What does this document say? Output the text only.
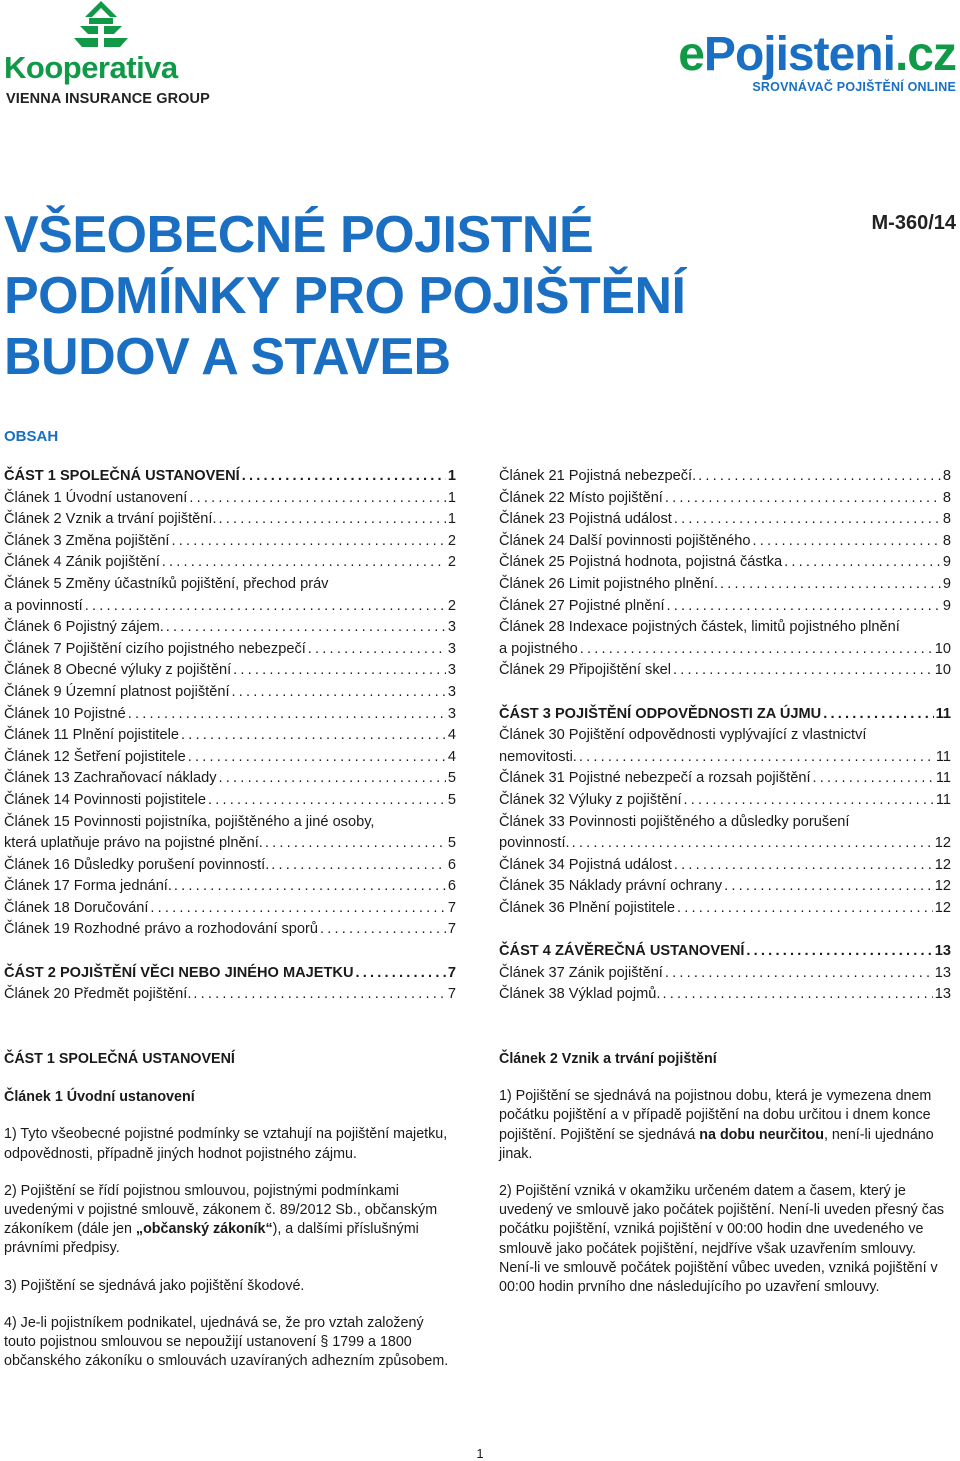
Kooperativa
VIENNA INSURANCE GROUP
ePojisteni.cz
SROVNÁVAČ POJIŠTĚNÍ ONLINE
VŠEOBECNÉ POJISTNÉ
PODMÍNKY PRO POJIŠTĚNÍ
BUDOV A STAVEB
M-360/14
OBSAH
ČÁST 1 SPOLEČNÁ USTANOVENÍ .....	1
Článek 1 Úvodní ustanovení .....	1
Článek 2 Vznik a trvání pojištění. .....	1
Článek 3 Změna pojištění .....	2
Článek 4 Zánik pojištění .....	2
Článek 5 Změny účastníků pojištění, přechod práv
a povinností .....	2
Článek 6 Pojistný zájem. .....	3
Článek 7 Pojištění cizího pojistného nebezpečí .....	3
Článek 8 Obecné výluky z pojištění .....	3
Článek 9 Územní platnost pojištění .....	3
Článek 10 Pojistné .....	3
Článek 11 Plnění pojistitele .....	4
Článek 12 Šetření pojistitele .....	4
Článek 13 Zachraňovací náklady .....	5
Článek 14 Povinnosti pojistitele .....	5
Článek 15 Povinnosti pojistníka, pojištěného a jiné osoby,
která uplatňuje právo na pojistné plnění. .....	5
Článek 16 Důsledky porušení povinností. .....	6
Článek 17 Forma jednání. .....	6
Článek 18 Doručování .....	7
Článek 19 Rozhodné právo a rozhodování sporů .....	7
ČÁST 2 POJIŠTĚNÍ VĚCI NEBO JINÉHO MAJETKU .....	7
Článek 20 Předmět pojištění. .....	7
Článek 21 Pojistná nebezpečí. .....	8
Článek 22 Místo pojištění .....	8
Článek 23 Pojistná událost .....	8
Článek 24 Další povinnosti pojištěného .....	8
Článek 25 Pojistná hodnota, pojistná částka .....	9
Článek 26 Limit pojistného plnění. .....	9
Článek 27 Pojistné plnění .....	9
Článek 28 Indexace pojistných částek, limitů pojistného plnění
a pojistného .....	10
Článek 29 Připojištění skel .....	10
ČÁST 3 POJIŠTĚNÍ ODPOVĚDNOSTI ZA ÚJMU .....	11
Článek 30 Pojištění odpovědnosti vyplývající z vlastnictví
nemovitosti. .....	11
Článek 31 Pojistné nebezpečí a rozsah pojištění .....	11
Článek 32 Výluky z pojištění .....	11
Článek 33 Povinnosti pojištěného a důsledky porušení
povinností. .....	12
Článek 34 Pojistná událost .....	12
Článek 35 Náklady právní ochrany .....	12
Článek 36 Plnění pojistitele .....	12
ČÁST 4 ZÁVĚREČNÁ USTANOVENÍ .....	13
Článek 37 Zánik pojištění .....	13
Článek 38 Výklad pojmů. .....	13
ČÁST 1 SPOLEČNÁ USTANOVENÍ
Článek 1 Úvodní ustanovení
1) Tyto všeobecné pojistné podmínky se vztahují na pojištění majetku, odpovědnosti, případně jiných hodnot pojistného zájmu.
2) Pojištění se řídí pojistnou smlouvou, pojistnými podmínkami uvedenými v pojistné smlouvě, zákonem č. 89/2012 Sb., občanským zákoníkem (dále jen „občanský zákoník“), a dalšími příslušnými právními předpisy.
3) Pojištění se sjednává jako pojištění škodové.
4) Je-li pojistníkem podnikatel, ujednává se, že pro vztah založený touto pojistnou smlouvou se nepoužijí ustanovení § 1799 a 1800 občanského zákoníku o smlouvách uzavíraných adhezním způsobem.
Článek 2 Vznik a trvání pojištění
1) Pojištění se sjednává na pojistnou dobu, která je vymezena dnem počátku pojištění a v případě pojištění na dobu určitou i dnem konce pojištění. Pojištění se sjednává na dobu neurčitou, není-li ujednáno jinak.
2) Pojištění vzniká v okamžiku určeném datem a časem, který je uvedený ve smlouvě jako počátek pojištění. Není-li uveden přesný čas počátku pojištění, vzniká pojištění v 00:00 hodin dne uvedeného ve smlouvě jako počátek pojištění, nejdříve však uzavřením smlouvy. Není-li ve smlouvě počátek pojištění vůbec uveden, vzniká pojištění v 00:00 hodin prvního dne následujícího po uzavření smlouvy.
1
